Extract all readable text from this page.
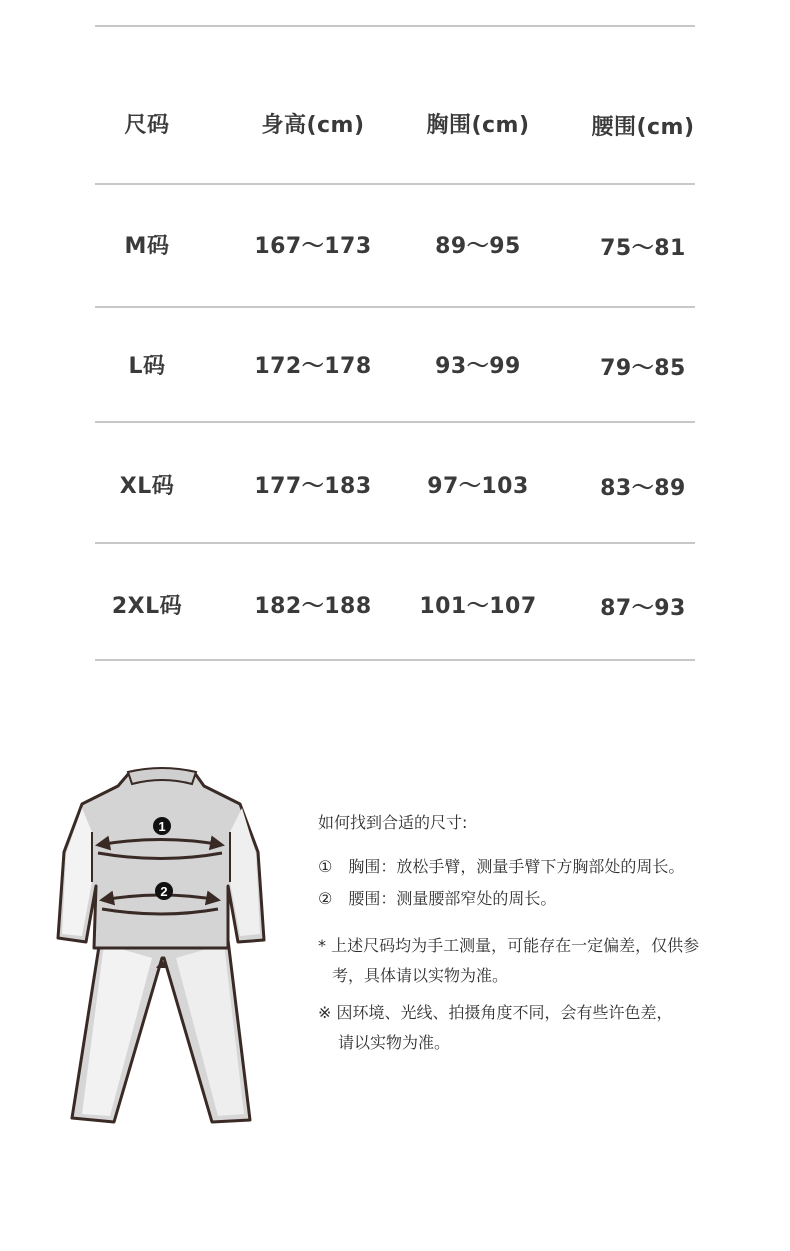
尺码	身高(cm)	胸围(cm)	腰围(cm)
M码	167～173	89～95	75～81
L码	172～178	93～99	79～85
XL码	177～183	97～103	83～89
2XL码	182～188	101～107	87～93
1
2
如何找到合适的尺寸:
①　胸围：放松手臂，测量手臂下方胸部处的周长。
②　腰围：测量腰部窄处的周长。
* 上述尺码均为手工测量，可能存在一定偏差，仅供参
考，具体请以实物为准。
※ 因环境、光线、拍摄角度不同，会有些许色差，
请以实物为准。
